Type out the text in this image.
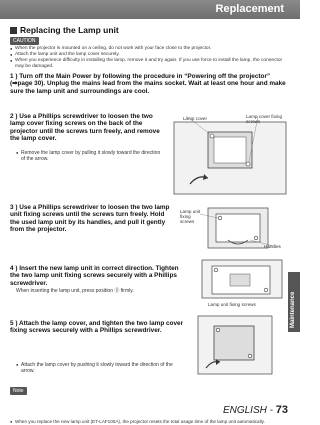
Replacement
Replacing the Lamp unit
CAUTION
● When the projector is mounted on a ceiling, do not work with your face close to the projector.
● Attach the lamp unit and the lamp cover securely.
● When you experience difficulty in installing the lamp, remove it and try again. If you use force to install the lamp, the connector may be damaged.
1 ) Turn off the Main Power by following the procedure in “Powering off the projector” (➡page 30). Unplug the mains lead from the mains socket. Wait at least one hour and make sure the lamp unit and surroundings are cool.
2 ) Use a Phillips screwdriver to loosen the two lamp cover fixing screws on the back of the projector until the screws turn freely, and remove the lamp cover.
● Remove the lamp cover by pulling it slowly toward the direction of the arrow.
Lamp cover	Lamp cover fixing screws
3 ) Use a Phillips screwdriver to loosen the two lamp unit fixing screws until the screws turn freely. Hold the used lamp unit by its handles, and pull it gently from the projector.
Lamp unit fixing screws
Handles
4 ) Insert the new lamp unit in correct direction. Tighten the two lamp unit fixing screws securely with a Phillips screwdriver.
When inserting the lamp unit, press position Ⓑ firmly.
Lamp unit fixing screws
5 ) Attach the lamp cover, and tighten the two lamp cover fixing screws securely with a Phillips screwdriver.
● Attach the lamp cover by pushing it slowly toward the direction of the arrow.
Note
● When you replace the new lamp unit (ET-LAF100A), the projector resets the total usage time of the lamp unit automatically.
Maintenance
ENGLISH - 73
